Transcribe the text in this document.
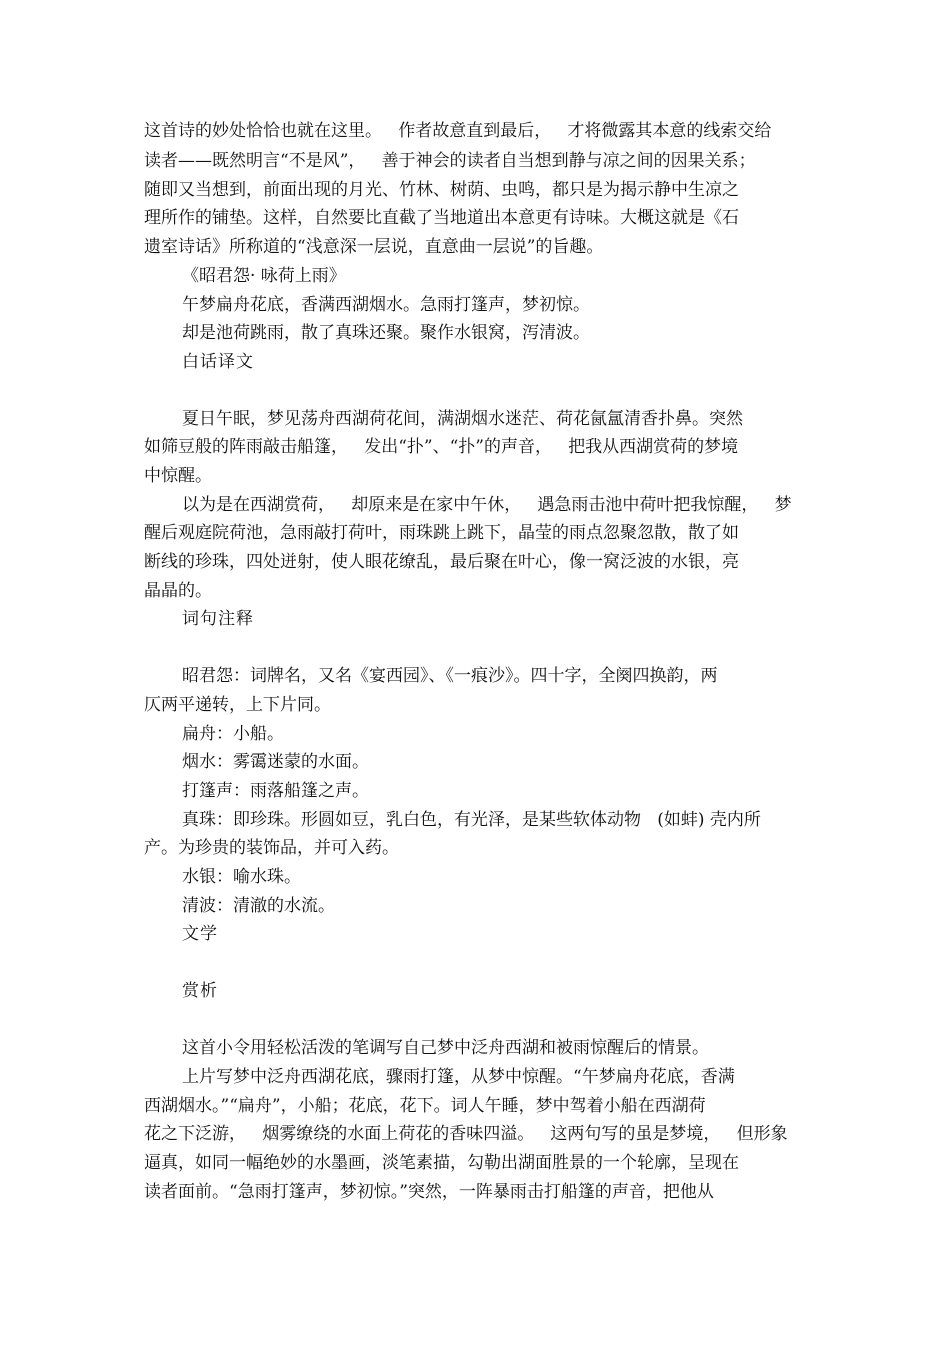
这首诗的妙处恰恰也就在这里。   作者故意直到最后，   才将微露其本意的线索交给
读者——既然明言“不是风”，   善于神会的读者自当想到静与凉之间的因果关系；
随即又当想到，前面出现的月光、竹林、树荫、虫鸣，都只是为揭示静中生凉之
理所作的铺垫。这样，自然要比直截了当地道出本意更有诗味。大概这就是《石
遗室诗话》所称道的“浅意深一层说，直意曲一层说”的旨趣。
《昭君怨· 咏荷上雨》
午梦扁舟花底，香满西湖烟水。急雨打篷声，梦初惊。
却是池荷跳雨，散了真珠还聚。聚作水银窝，泻清波。
白话译文
夏日午眠，梦见荡舟西湖荷花间，满湖烟水迷茫、荷花氤氲清香扑鼻。突然
如筛豆般的阵雨敲击船篷，   发出“扑”、“扑”的声音，   把我从西湖赏荷的梦境
中惊醒。
以为是在西湖赏荷，   却原来是在家中午休，   遇急雨击池中荷叶把我惊醒，   梦
醒后观庭院荷池，急雨敲打荷叶，雨珠跳上跳下，晶莹的雨点忽聚忽散，散了如
断线的珍珠，四处迸射，使人眼花缭乱，最后聚在叶心，像一窝泛波的水银，亮
晶晶的。
词句注释
昭君怨：词牌名，又名《宴西园》、《一痕沙》。四十字，全阕四换韵，两
仄两平递转，上下片同。
扁舟：小船。
烟水：雾霭迷蒙的水面。
打篷声：雨落船篷之声。
真珠：即珍珠。形圆如豆，乳白色，有光泽，是某些软体动物   (如蚌) 壳内所
产。为珍贵的装饰品，并可入药。
水银：喻水珠。
清波：清澈的水流。
文学
赏析
这首小令用轻松活泼的笔调写自己梦中泛舟西湖和被雨惊醒后的情景。
上片写梦中泛舟西湖花底，骤雨打篷，从梦中惊醒。“午梦扁舟花底，香满
西湖烟水。”“扁舟”，小船；花底，花下。词人午睡，梦中驾着小船在西湖荷
花之下泛游，   烟雾缭绕的水面上荷花的香味四溢。   这两句写的虽是梦境，   但形象
逼真，如同一幅绝妙的水墨画，淡笔素描，勾勒出湖面胜景的一个轮廓，呈现在
读者面前。“急雨打篷声，梦初惊。”突然，一阵暴雨击打船篷的声音，把他从
